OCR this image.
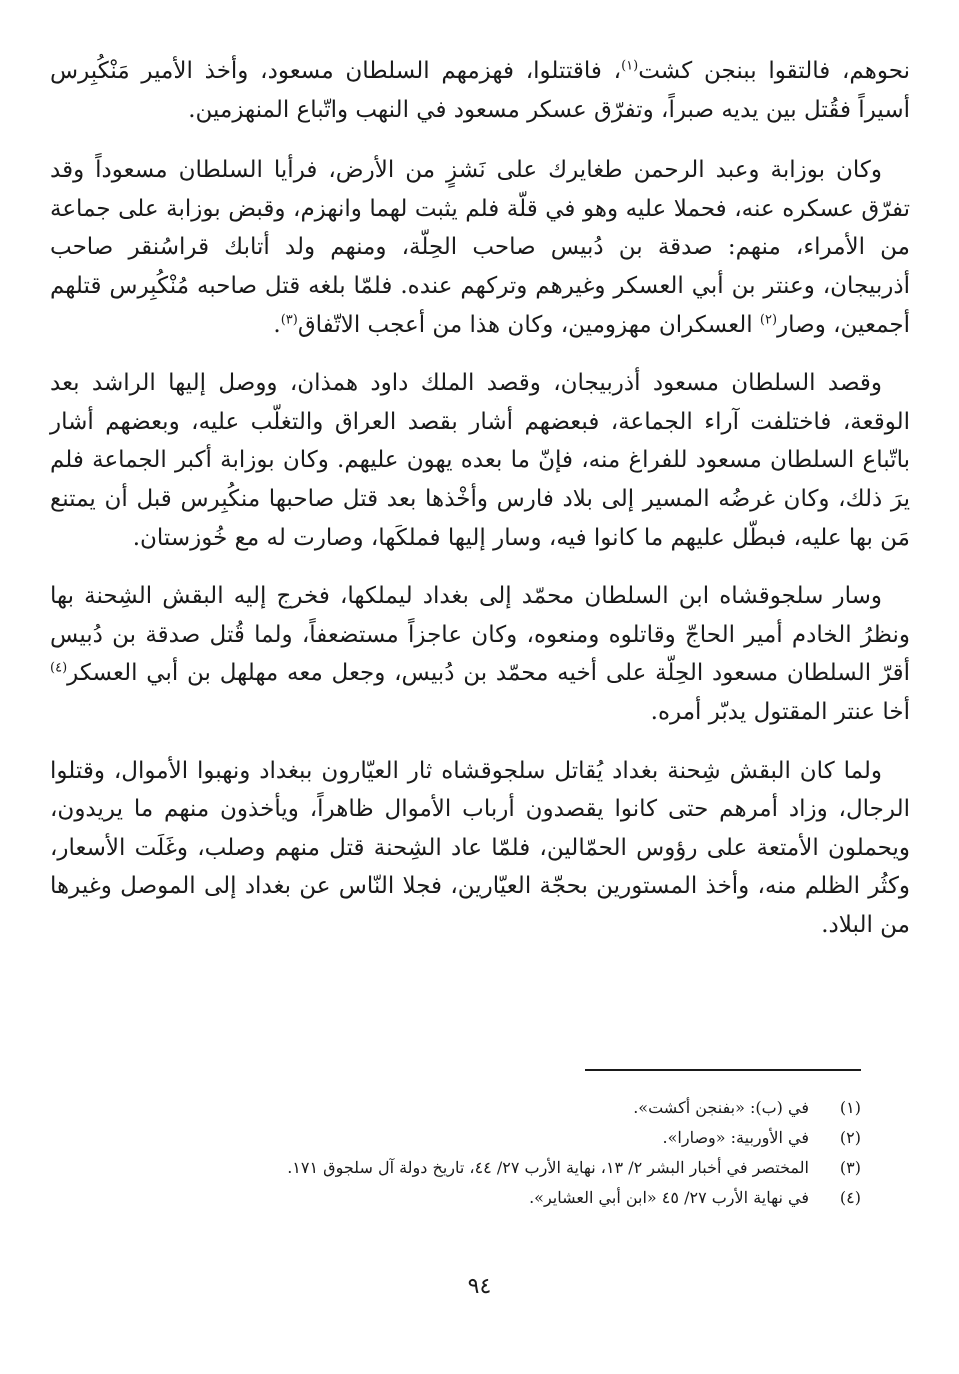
نحوهم، فالتقوا ببنجن كشت$^{(١)}$، فاقتتلوا، فهزمهم السلطان مسعود، وأخذ الأمير مَنْكُبِرس أسيراً فقُتل بين يديه صبراً، وتفرّق عسكر مسعود في النهب واتّباع المنهزمين.

وكان بوزابة وعبد الرحمن طغايرك على نَشزٍ من الأرض، فرأيا السلطان مسعوداً وقد تفرّق عسكره عنه، فحملا عليه وهو في قلّة فلم يثبت لهما وانهزم، وقبض بوزابة على جماعة من الأمراء، منهم: صدقة بن دُبيس صاحب الحِلّة، ومنهم ولد أتابك قراسُنقر صاحب أذربيجان، وعنتر بن أبي العسكر وغيرهم وتركهم عنده. فلمّا بلغه قتل صاحبه مُنْكُبِرس قتلهم أجمعين، وصار$^{(٢)}$ العسكران مهزومين، وكان هذا من أعجب الاتّفاق$^{(٣)}$.

وقصد السلطان مسعود أذربيجان، وقصد الملك داود همذان، ووصل إليها الراشد بعد الوقعة، فاختلفت آراء الجماعة، فبعضهم أشار بقصد العراق والتغلّب عليه، وبعضهم أشار باتّباع السلطان مسعود للفراغ منه، فإنّ ما بعده يهون عليهم. وكان بوزابة أكبر الجماعة فلم يرَ ذلك، وكان غرضُه المسير إلى بلاد فارس وأخْذها بعد قتل صاحبها منكُبِرس قبل أن يمتنع مَن بها عليه، فبطّل عليهم ما كانوا فيه، وسار إليها فملكَها، وصارت له مع خُوزستان.

وسار سلجوقشاه ابن السلطان محمّد إلى بغداد ليملكها، فخرج إليه البقش الشِحنة بها ونظرُ الخادم أمير الحاجّ وقاتلوه ومنعوه، وكان عاجزاً مستضعفاً، ولما قُتل صدقة بن دُبيس أقرّ السلطان مسعود الحِلّة على أخيه محمّد بن دُبيس، وجعل معه مهلهل بن أبي العسكر$^{(٤)}$ أخا عنتر المقتول يدبّر أمره.

ولما كان البقش شِحنة بغداد يُقاتل سلجوقشاه ثار العيّارون ببغداد ونهبوا الأموال، وقتلوا الرجال، وزاد أمرهم حتى كانوا يقصدون أرباب الأموال ظاهراً، ويأخذون منهم ما يريدون، ويحملون الأمتعة على رؤوس الحمّالين، فلمّا عاد الشِحنة قتل منهم وصلب، وغَلَت الأسعار، وكثُر الظلم منه، وأخذ المستورين بحجّة العيّارين، فجلا النّاس عن بغداد إلى الموصل وغيرها من البلاد.

(١)
في (ب): «بفنجن أكشت».
(٢)
في الأوربية: «وصارا».
(٣)
المختصر في أخبار البشر ٢/ ١٣، نهاية الأرب ٢٧/ ٤٤، تاريخ دولة آل سلجوق ١٧١.
(٤)
في نهاية الأرب ٢٧/ ٤٥ «ابن أبي العشاير».
٩٤
